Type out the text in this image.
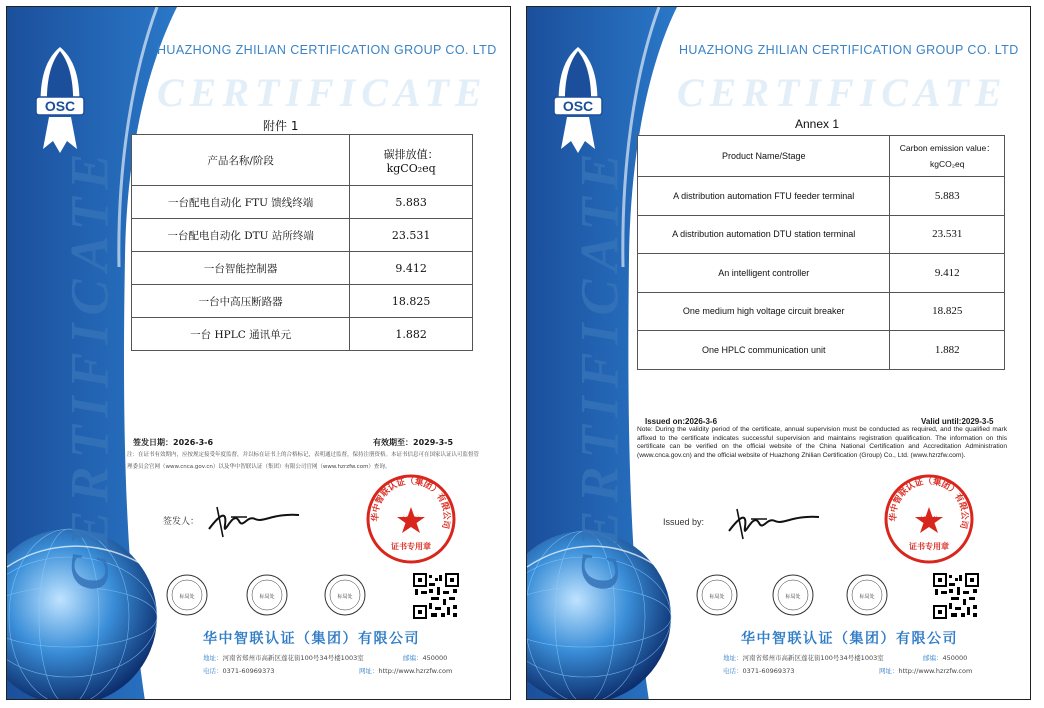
CERTIFICATE
OSC
HUAZHONG ZHILIAN CERTIFICATION GROUP CO. LTD
CERTIFICATE
附件 1
产品名称/阶段	碳排放值：
kgCO₂eq

一台配电自动化 FTU 馈线终端	5.883
一台配电自动化 DTU 站所终端	23.531
一台智能控制器	9.412
一台中高压断路器	18.825
一台 HPLC 通讯单元	1.882
签发日期：2026-3-6	有效期至：2029-3-5
注：在证书有效期内，应按规定接受年度监督，并以标在证书上的合格标记，表明通过监督，保持注册资格。本证书信息可在国家认证认可监督管理委员会官网（www.cnca.gov.cn）以及华中智联认证（集团）有限公司官网（www.hzrzfw.com）查询。
签发人：	华中智联认证（集团）有限公司
（盖章）
证书专用章
标局处	标局处	标局处
华中智联认证（集团）有限公司
地址：河南省郑州市高新区莲花街100号34号楼1003室	邮编：450000
电话：0371-60969373	网址：http://www.hzrzfw.com
CERTIFICATE
OSC
HUAZHONG ZHILIAN CERTIFICATION GROUP CO. LTD
CERTIFICATE
Annex 1
Product Name/Stage	Carbon emission value：
kgCO₂eq

A distribution automation FTU feeder terminal	5.883
A distribution automation DTU station terminal	23.531
An intelligent controller	9.412
One medium high voltage circuit breaker	18.825
One HPLC communication unit	1.882
Issued on:2026-3-6	Valid until:2029-3-5
Note: During the validity period of the certificate, annual supervision must be conducted as required, and the qualified mark affixed to the certificate indicates successful supervision and maintains registration qualification. The information on this certificate can be verified on the official website of the China National Certification and Accreditation Administration (www.cnca.gov.cn) and the official website of Huazhong Zhilian Certification (Group) Co., Ltd. (www.hzrzfw.com).
Issued by:	华中智联认证（集团）有限公司
（Seal）
证书专用章
标局处	标局处	标局处
华中智联认证（集团）有限公司
地址：河南省郑州市高新区莲花街100号34号楼1003室	邮编：450000
电话：0371-60969373	网址：http://www.hzrzfw.com
